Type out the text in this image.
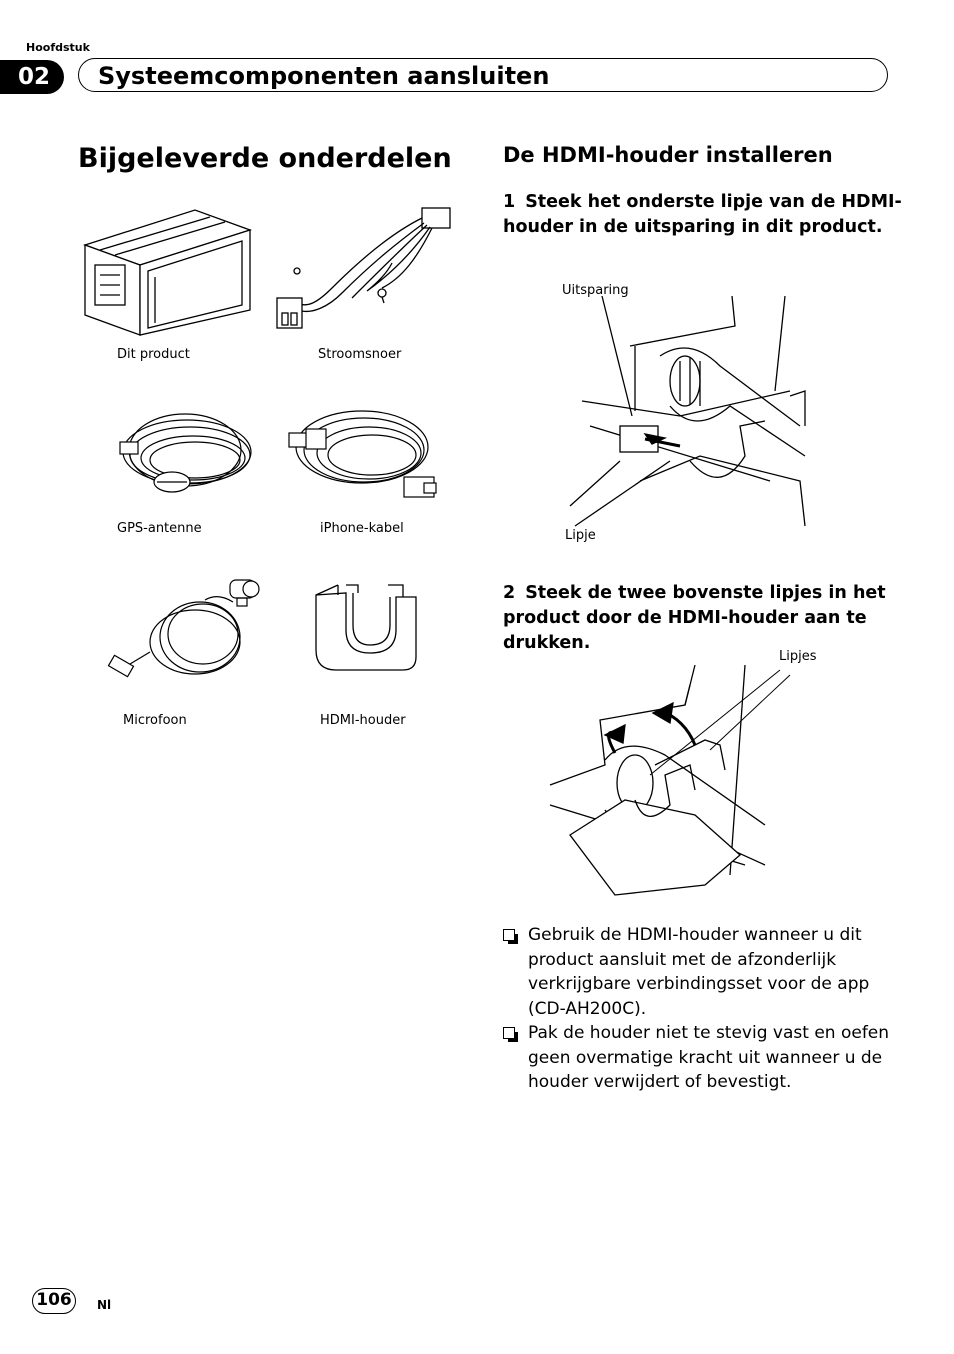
Hoofdstuk
02	Systeemcomponenten aansluiten
Bijgeleverde onderdelen
Dit product	Stroomsnoer
GPS-antenne	iPhone-kabel
Microfoon	HDMI-houder
De HDMI-houder installeren
1 Steek het onderste lipje van de HDMI-houder in de uitsparing in dit product.
Uitsparing
Lipje
2 Steek de twee bovenste lipjes in het product door de HDMI-houder aan te drukken.
Lipjes
Gebruik de HDMI-houder wanneer u dit product aansluit met de afzonderlijk verkrijgbare verbindingsset voor de app (CD-AH200C).
Pak de houder niet te stevig vast en oefen geen overmatige kracht uit wanneer u de houder verwijdert of bevestigt.
106	Nl
